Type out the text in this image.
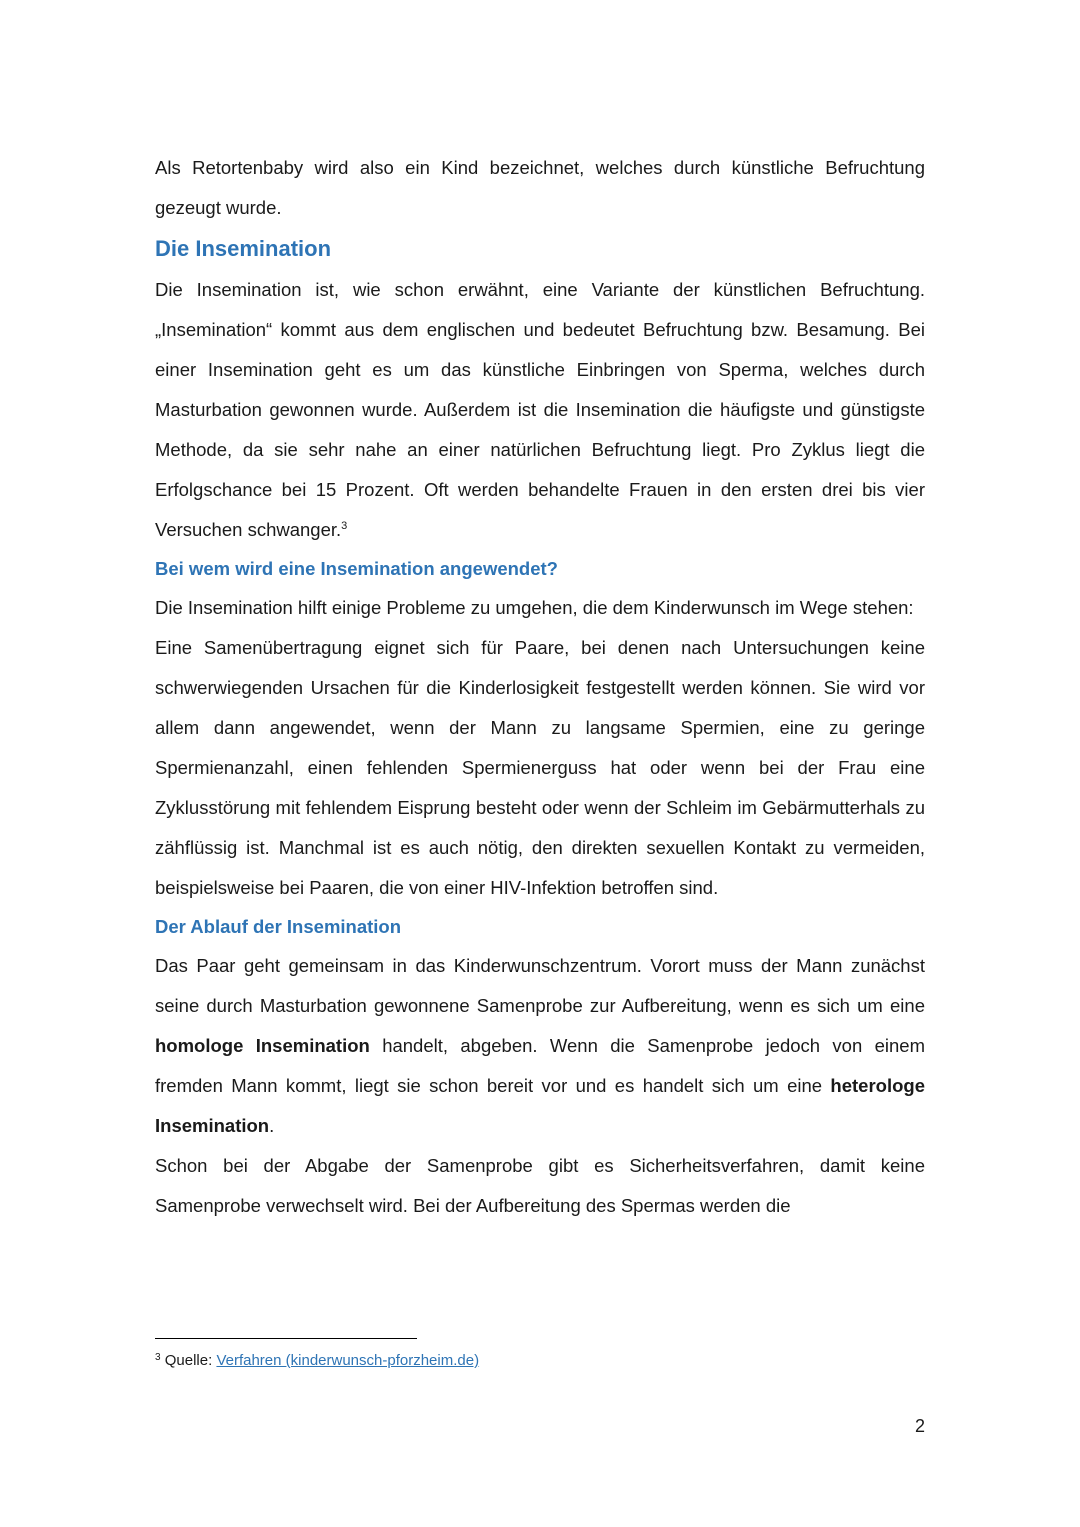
Als Retortenbaby wird also ein Kind bezeichnet, welches durch künstliche Befruchtung gezeugt wurde.

Die Insemination

Die Insemination ist, wie schon erwähnt, eine Variante der künstlichen Befruchtung. „Insemination“ kommt aus dem englischen und bedeutet Befruchtung bzw. Besamung. Bei einer Insemination geht es um das künstliche Einbringen von Sperma, welches durch Masturbation gewonnen wurde. Außerdem ist die Insemination die häufigste und günstigste Methode, da sie sehr nahe an einer natürlichen Befruchtung liegt. Pro Zyklus liegt die Erfolgschance bei 15 Prozent. Oft werden behandelte Frauen in den ersten drei bis vier Versuchen schwanger.$^3$

Bei wem wird eine Insemination angewendet?

Die Insemination hilft einige Probleme zu umgehen, die dem Kinderwunsch im Wege stehen:

Eine Samenübertragung eignet sich für Paare, bei denen nach Untersuchungen keine schwerwiegenden Ursachen für die Kinderlosigkeit festgestellt werden können. Sie wird vor allem dann angewendet, wenn der Mann zu langsame Spermien, eine zu geringe Spermienanzahl, einen fehlenden Spermienerguss hat oder wenn bei der Frau eine Zyklusstörung mit fehlendem Eisprung besteht oder wenn der Schleim im Gebärmutterhals zu zähflüssig ist. Manchmal ist es auch nötig, den direkten sexuellen Kontakt zu vermeiden, beispielsweise bei Paaren, die von einer HIV-Infektion betroffen sind.

Der Ablauf der Insemination

Das Paar geht gemeinsam in das Kinderwunschzentrum. Vorort muss der Mann zunächst seine durch Masturbation gewonnene Samenprobe zur Aufbereitung, wenn es sich um eine homologe Insemination handelt, abgeben. Wenn die Samenprobe jedoch von einem fremden Mann kommt, liegt sie schon bereit vor und es handelt sich um eine heterologe Insemination.

Schon bei der Abgabe der Samenprobe gibt es Sicherheitsverfahren, damit keine Samenprobe verwechselt wird. Bei der Aufbereitung des Spermas werden die

$^3$ Quelle: Verfahren (kinderwunsch-pforzheim.de)
2
